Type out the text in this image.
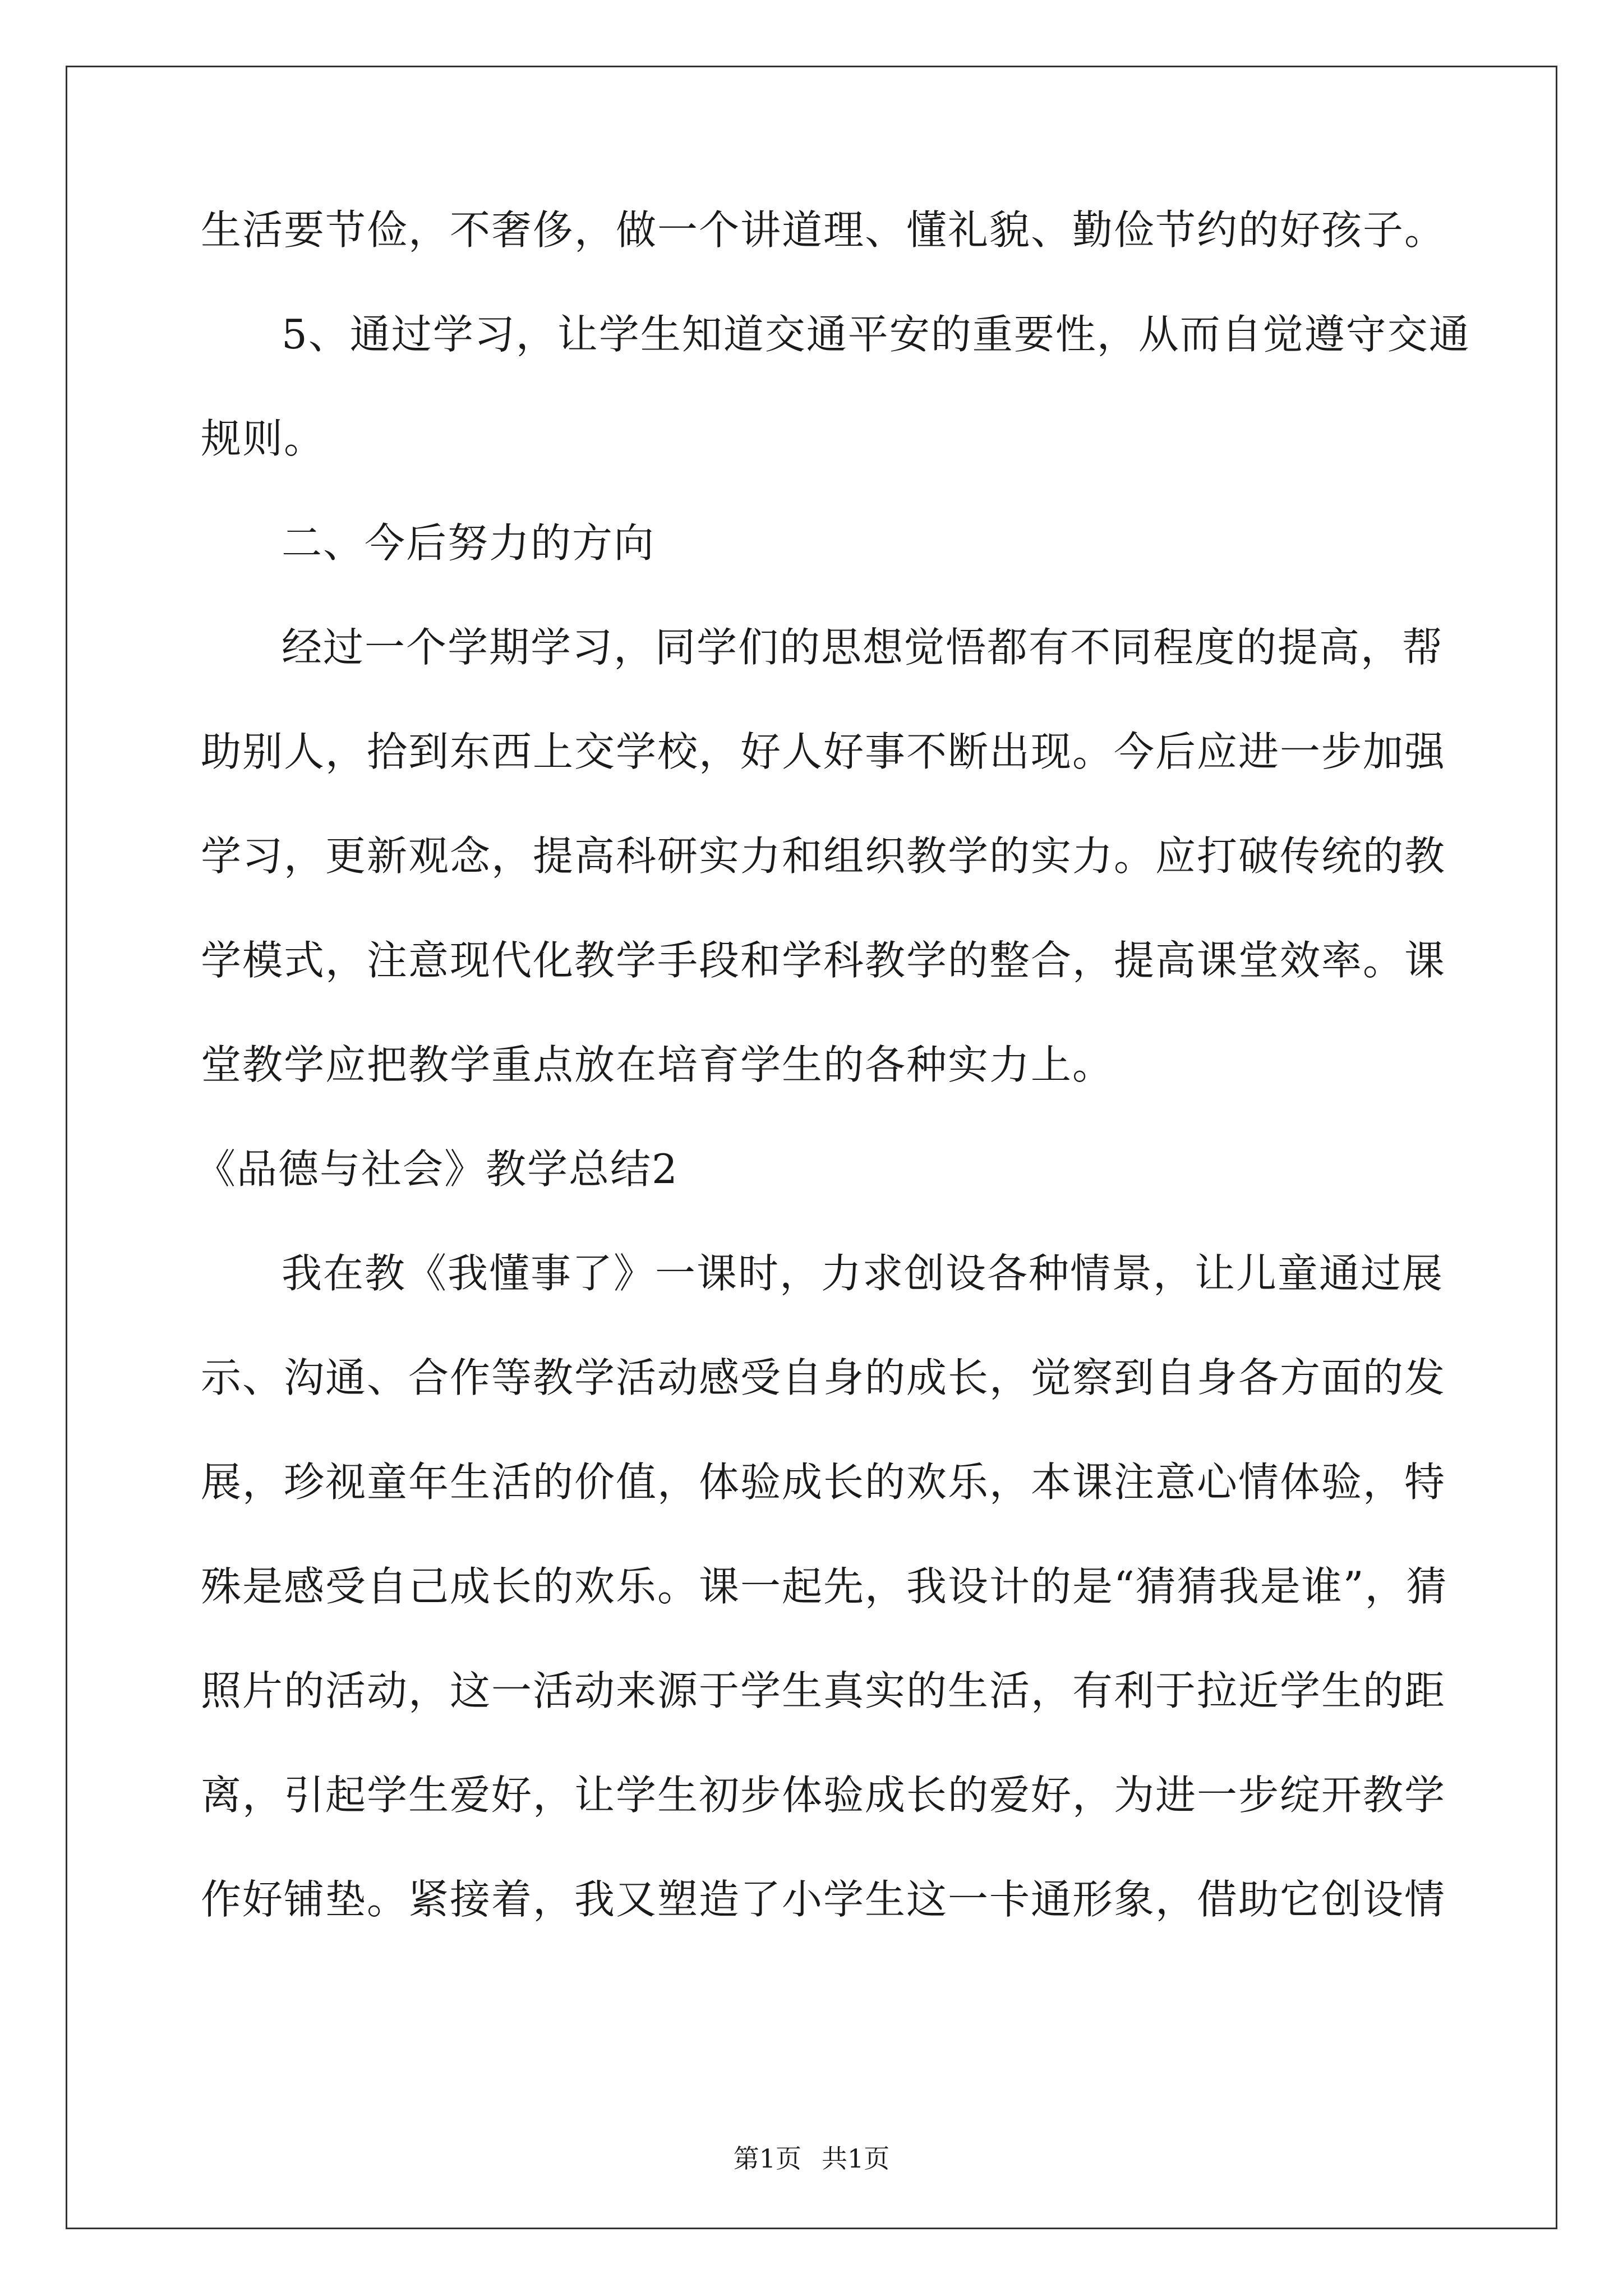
生活要节俭，不奢侈，做一个讲道理、懂礼貌、勤俭节约的好孩子。
5、通过学习，让学生知道交通平安的重要性，从而自觉遵守交通
规则。
二、今后努力的方向
经过一个学期学习，同学们的思想觉悟都有不同程度的提高，帮
助别人，拾到东西上交学校，好人好事不断出现。今后应进一步加强
学习，更新观念，提高科研实力和组织教学的实力。应打破传统的教
学模式，注意现代化教学手段和学科教学的整合，提高课堂效率。课
堂教学应把教学重点放在培育学生的各种实力上。
《品德与社会》教学总结2
我在教《我懂事了》一课时，力求创设各种情景，让儿童通过展
示、沟通、合作等教学活动感受自身的成长，觉察到自身各方面的发
展，珍视童年生活的价值，体验成长的欢乐，本课注意心情体验，特
殊是感受自己成长的欢乐。课一起先，我设计的是“猜猜我是谁”，猜
照片的活动，这一活动来源于学生真实的生活，有利于拉近学生的距
离，引起学生爱好，让学生初步体验成长的爱好，为进一步绽开教学
作好铺垫。紧接着，我又塑造了小学生这一卡通形象，借助它创设情
第1页 共1页
